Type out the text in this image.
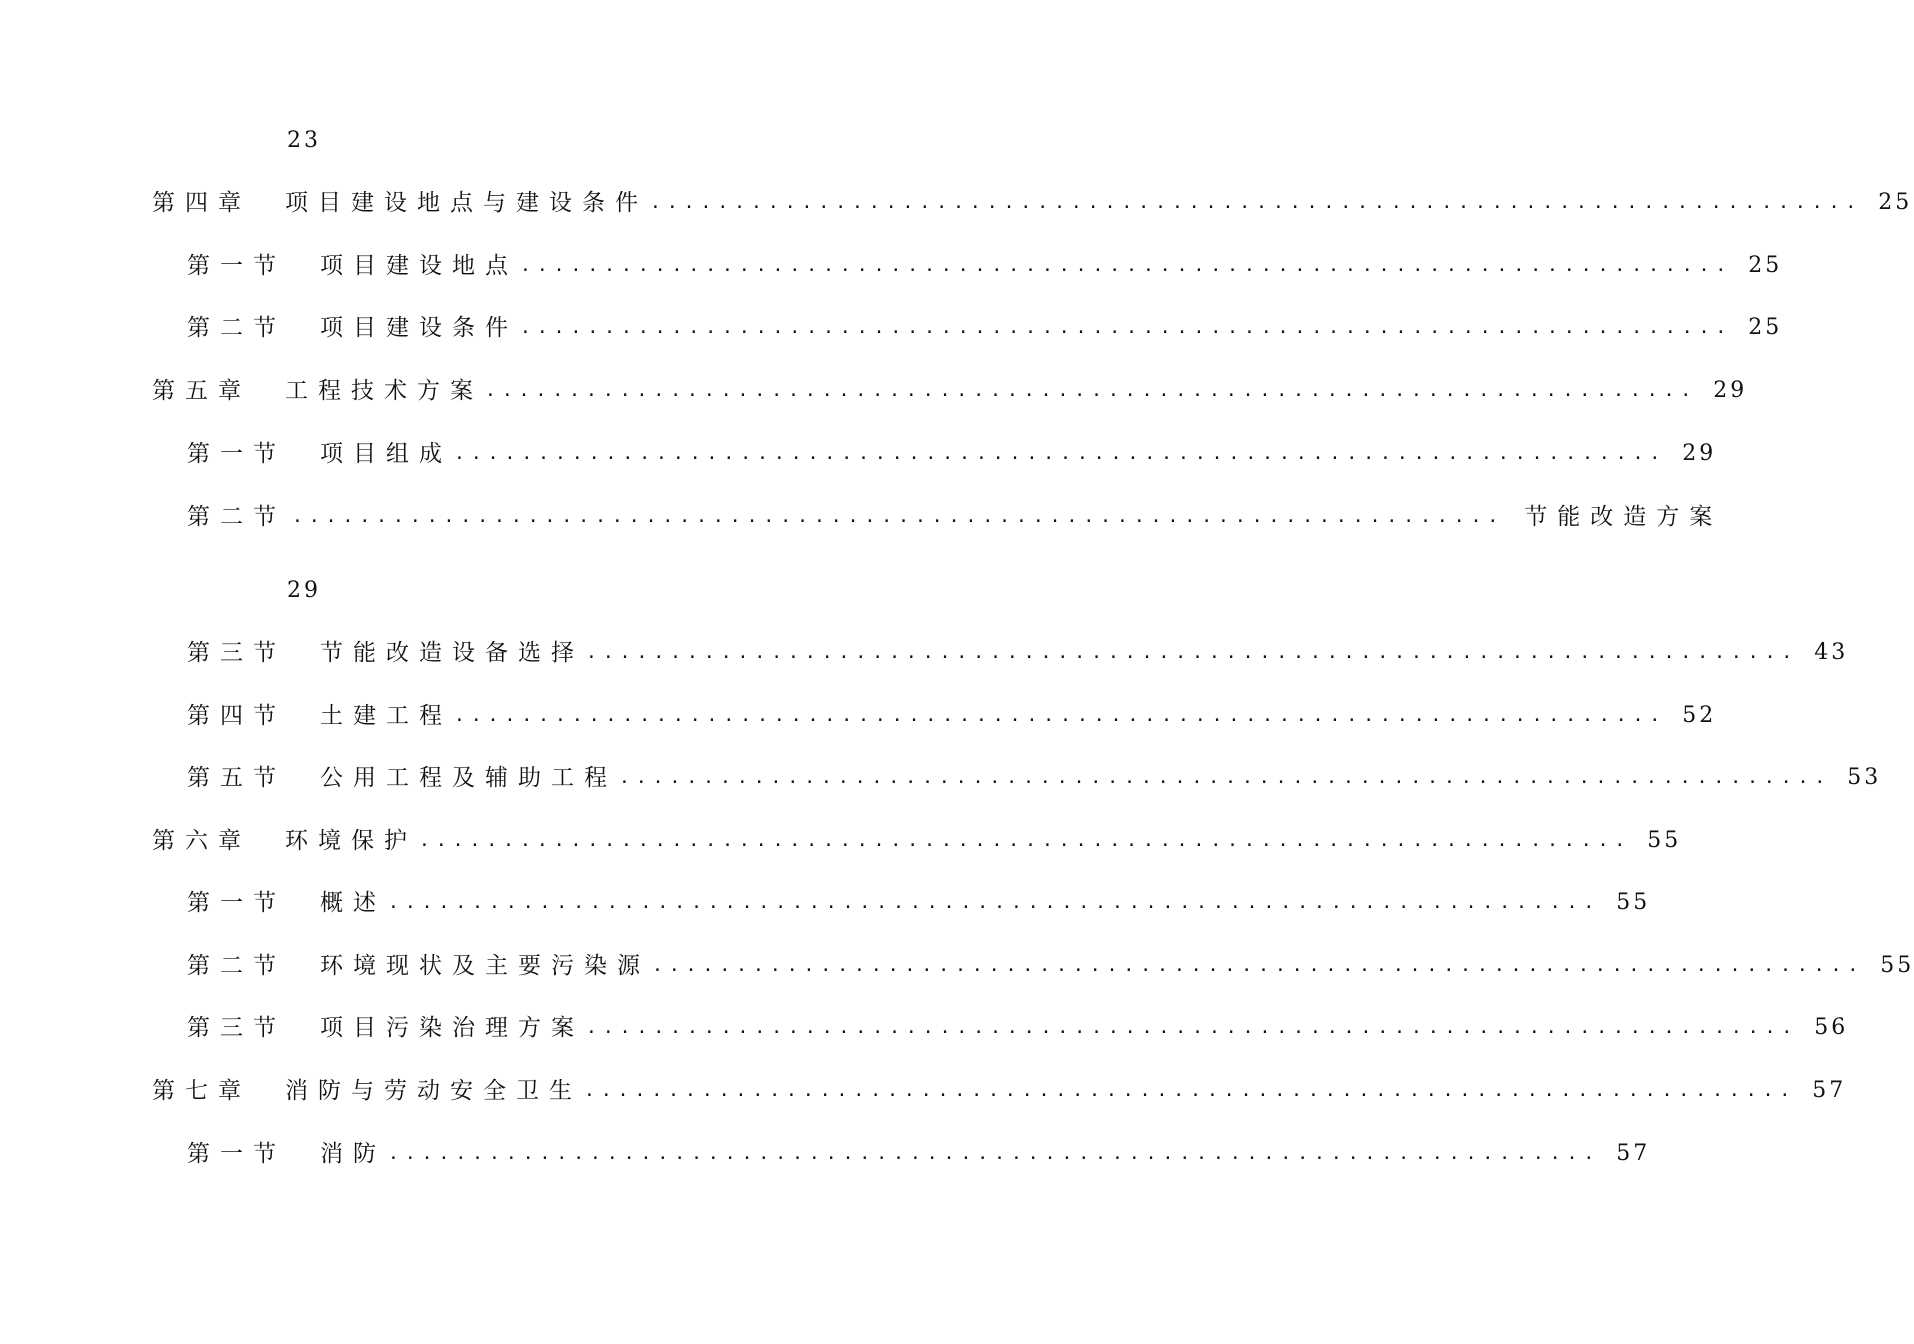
23
第四章 项目建设地点与建设条件 ........................................................................ 25
第一节 项目建设地点 ........................................................................ 25
第二节 项目建设条件 ........................................................................ 25
第五章 工程技术方案 ........................................................................ 29
第一节 项目组成 ........................................................................ 29
第二节 ........................................................................ 节能改造方案
29
第三节 节能改造设备选择 ........................................................................ 43
第四节 土建工程 ........................................................................ 52
第五节 公用工程及辅助工程 ........................................................................ 53
第六章 环境保护 ........................................................................ 55
第一节 概述 ........................................................................ 55
第二节 环境现状及主要污染源 ........................................................................ 55
第三节 项目污染治理方案 ........................................................................ 56
第七章 消防与劳动安全卫生 ........................................................................ 57
第一节 消防 ........................................................................ 57
